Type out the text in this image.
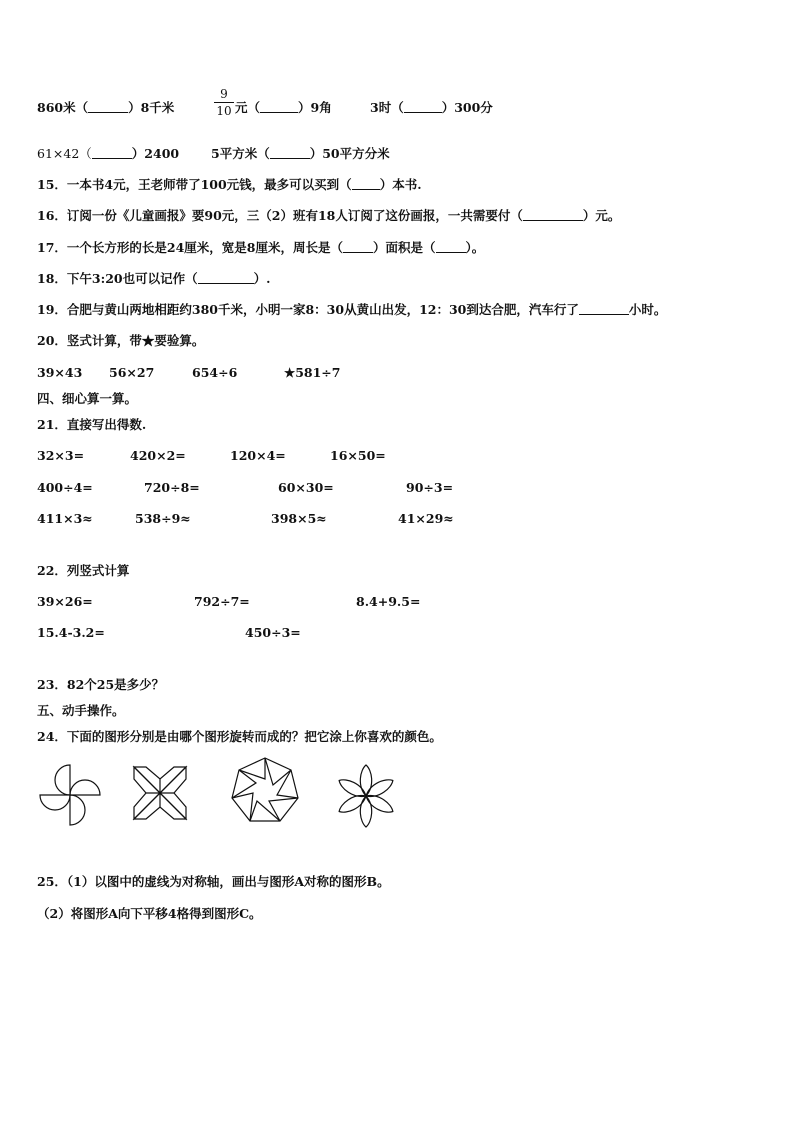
860米（	）8千米
9
10 元（	）9角	3时（	）300分
61×42（	）2400	5平方米（	）50平方分米
15．一本书4元，王老师带了100元钱，最多可以买到（ ）本书.
16．订阅一份《儿童画报》要90元，三（2）班有18人订阅了这份画报，一共需要付（	）元。
17．一个长方形的长是24厘米，宽是8厘米，周长是（ ）面积是（ ）。
18．下午3:20也可以记作（	）.
19．合肥与黄山两地相距约380千米，小明一家8：30从黄山出发，12：30到达合肥，汽车行了	小时。
20．竖式计算，带★要验算。
39×43 56×27	654÷6	★581÷7
四、细心算一算。
21．直接写出得数.
32×3=	420×2=	120×4=	16×50=
400÷4=	720÷8=	60×30=	90÷3=
411×3≈	538÷9≈	398×5≈	41×29≈
22．列竖式计算
39×26=	792÷7=	8.4+9.5=
15.4-3.2=	450÷3=
23．82个25是多少？
五、动手操作。
24．下面的图形分别是由哪个图形旋转而成的？把它涂上你喜欢的颜色。
25．（1）以图中的虚线为对称轴，画出与图形A对称的图形B。
（2）将图形A向下平移4格得到图形C。
